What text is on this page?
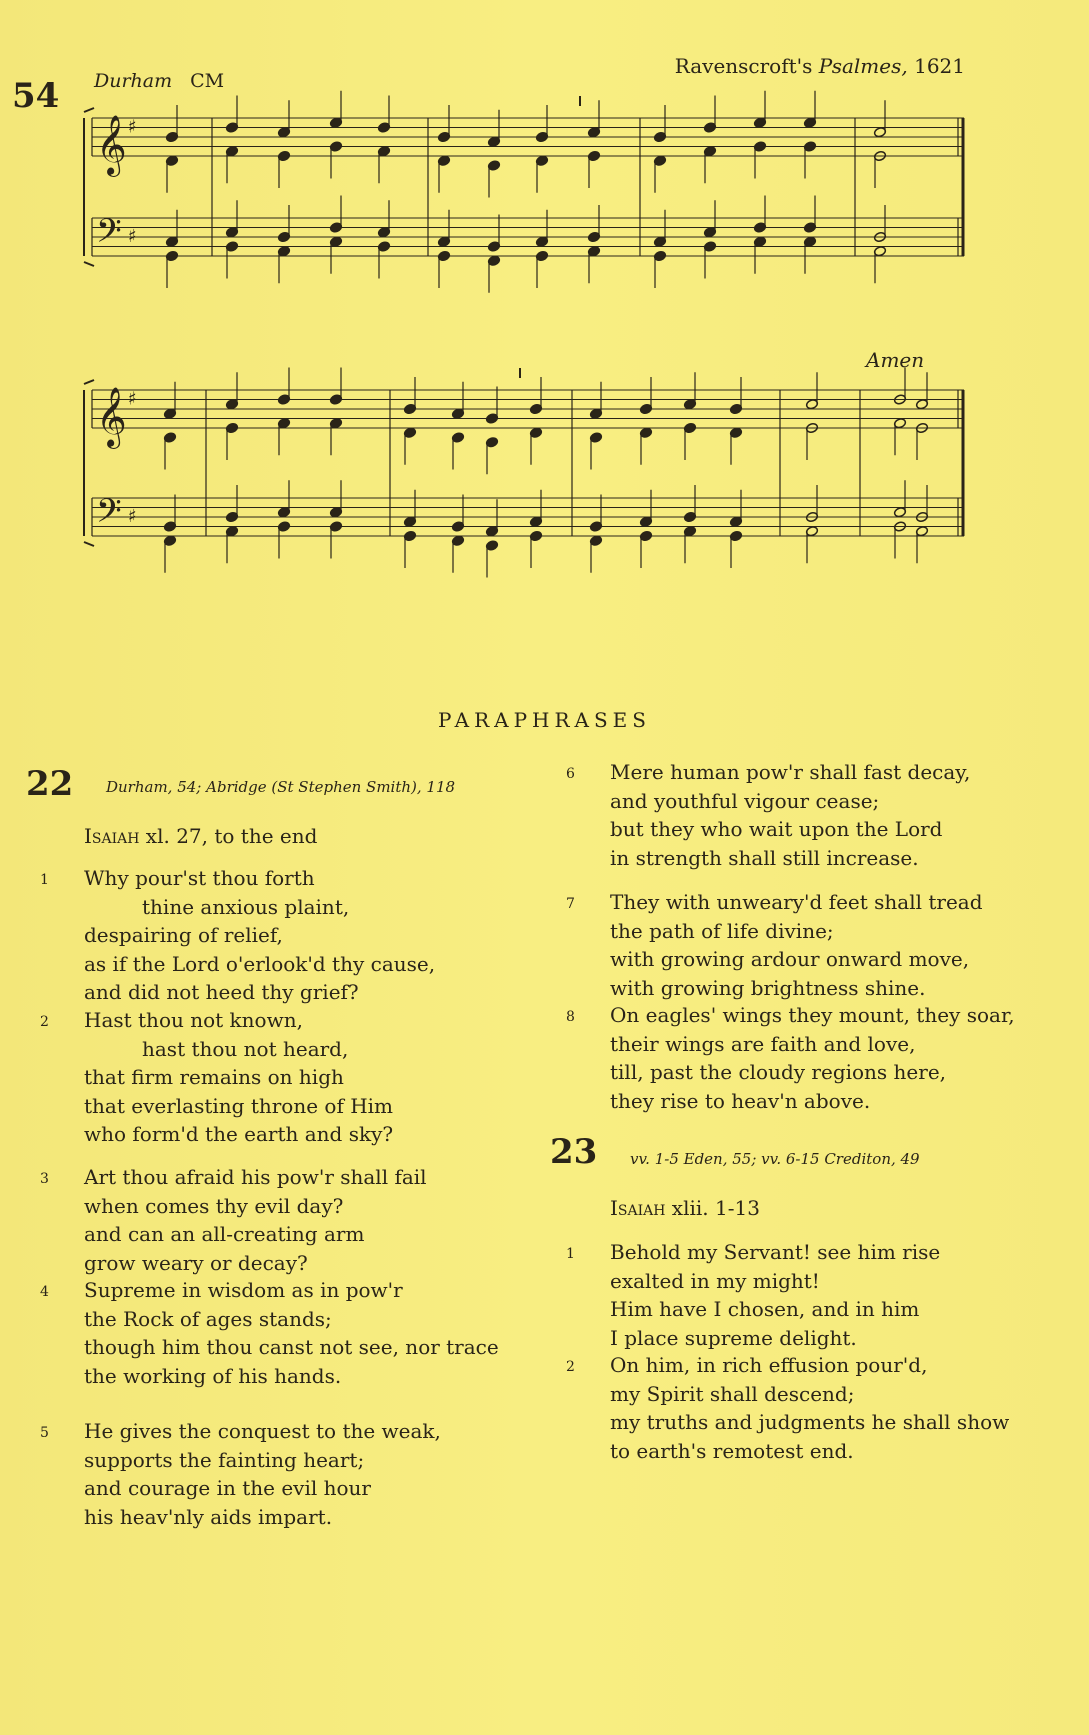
54 Durham CM
Ravenscroft's Psalmes, 1621
Amen
𝄞 ♯
𝄢 ♯
𝄞 ♯
𝄢 ♯
PARAPHRASES
22 Durham, 54; Abridge (St Stephen Smith), 118
Isaiah xl. 27, to the end
1 Why pour'st thou forth
thine anxious plaint,
despairing of relief,
as if the Lord o'erlook'd thy cause,
and did not heed thy grief?
2 Hast thou not known,
hast thou not heard,
that firm remains on high
that everlasting throne of Him
who form'd the earth and sky?
3 Art thou afraid his pow'r shall fail
when comes thy evil day?
and can an all-creating arm
grow weary or decay?
4 Supreme in wisdom as in pow'r
the Rock of ages stands;
though him thou canst not see, nor trace
the working of his hands.
5 He gives the conquest to the weak,
supports the fainting heart;
and courage in the evil hour
his heav'nly aids impart.
6 Mere human pow'r shall fast decay,
and youthful vigour cease;
but they who wait upon the Lord
in strength shall still increase.
7 They with unweary'd feet shall tread
the path of life divine;
with growing ardour onward move,
with growing brightness shine.
8 On eagles' wings they mount, they soar,
their wings are faith and love,
till, past the cloudy regions here,
they rise to heav'n above.
23 vv. 1-5 Eden, 55; vv. 6-15 Crediton, 49
Isaiah xlii. 1-13
1 Behold my Servant! see him rise
exalted in my might!
Him have I chosen, and in him
I place supreme delight.
2 On him, in rich effusion pour'd,
my Spirit shall descend;
my truths and judgments he shall show
to earth's remotest end.
